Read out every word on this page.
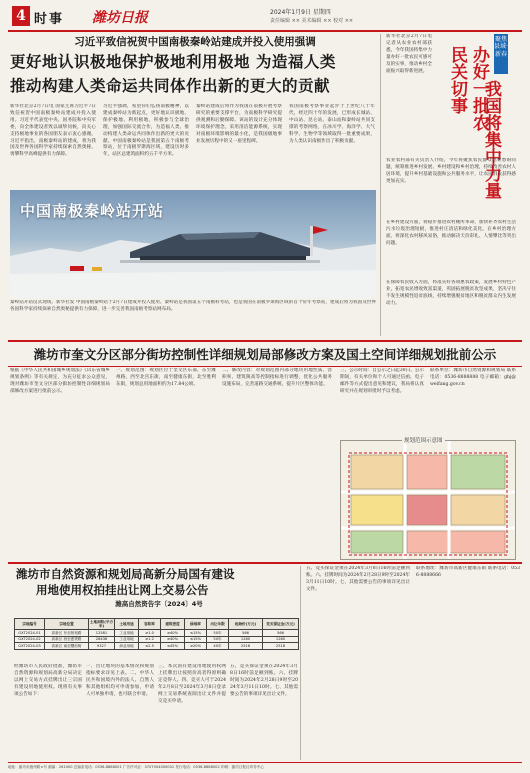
4 时事 潍坊日报	2024年1月9日 星期四
责任编辑 ×× 美术编辑 ×× 校对 ××
习近平致信祝贺中国南极秦岭站建成并投入使用强调
更好地认识极地保护极地利用极地 为造福人类
推动构建人类命运共同体作出新的更大的贡献
新华社北京2月7日电 国家主席习近平7日致信祝贺中国南极秦岭站建成并投入使用。习近平代表党中央、国务院和中央军委，向全体建设者致以诚挚问候，向关心支持极地事业的各国朋友表示衷心感谢。习近平指出，南极秦岭站的建成，将为我国及世界各国科学家持续探索自然奥秘、勇攀科学高峰提供有力保障。
习近平强调，希望你们弘扬南极精神，以建成秦岭站为新起点，更好地认识极地、保护极地、利用极地，积极参与全球治理，加强国际交流合作，为造福人类、推动构建人类命运共同体作出新的更大的贡献。中国南极秦岭站是我国第五个南极考察站，位于南极罗斯海区域，建设历时多年，站区总建筑面积约五千平方米。
秦岭站建成后将作为我国在南极开展考察研究的重要支撑平台，为南极科学研究提供观测和后勤保障。该站的设计充分体现环境保护理念，采用清洁能源系统，实现对南极环境影响的最小化，是我国极地事业发展历程中的又一座里程碑。
我国南极考察事业起步于上世纪八十年代，经过四十年的发展，已形成长城站、中山站、昆仑站、泰山站和秦岭站共同支撑的考察网络，在冰川学、海洋学、大气科学、生物学等领域取得一批重要成果，为人类认识南极作出了积极贡献。
中国南极秦岭站开站
秦岭站开站仪式现场。新华社发 中国南极秦岭站于2月7日建成并投入使用。秦岭站是我国第五个南极科考站，也是我国在南极罗斯海区域的首个常年考察站，建成后将为我国及世界各国科学家持续探索自然奥秘提供有力保障，进一步完善我国南极考察站网布局。
聚焦县域·新春
办好一批农民关切事 我国将集中力量
新华社北京2月7日电 记者从农业农村部获悉，今年我国将集中力量办好一批农民可感可及的实事，推动乡村全面振兴取得新进展。
农业农村部有关负责人介绍，今年将聚焦农民群众急难愁盼问题，统筹推进乡村发展、乡村建设和乡村治理，持续改善农村人居环境，提升乡村基础设施和公共服务水平，让农民群众获得感更加充实。
在乡村建设方面，将稳步推进农村厕所革命，加快补齐农村生活污水垃圾治理短板，推进村庄清洁和绿化美化。在乡村治理方面，将深化农村移风易俗，推动解决天价彩礼、人情攀比等突出问题。
在保障农民收入方面，将落实好各项惠农政策，发展乡村特色产业，拓宽农民增收致富渠道，巩固拓展脱贫攻坚成果，坚决守住不发生规模性返贫底线，持续增强脱贫地区和脱贫群众内生发展动力。
潍坊市奎文分区部分街坊控制性详细规划局部修改方案及国土空间详细规划批前公示
根据《中华人民共和国城乡规划法》《山东省城乡规划条例》等有关规定，为充分征求公众意见，现对潍坊市奎文分区部分街坊控制性详细规划局部修改方案进行批前公示。
一、规划范围：规划区位于奎文区东部，东至潍州路，西至北宫东街，南至健康东街，北至胜利东街，规划总用地面积约为17.84公顷。
二、修改内容：对规划范围内部分地块用地性质、容积率、建筑限高等控制指标进行调整，优化公共服务设施布局，完善道路交通系统，提升片区整体功能。
三、公示时间：自公示之日起30日。公示期间，有关单位和个人可通过信函、电子邮件等方式提出意见和建议，我局将认真研究并在规划审批时予以考虑。
联系单位：潍坊市自然资源和规划局 联系电话：0536-8888888 电子邮箱：ghj@weifang.gov.cn
规划范围示意图
潍坊市自然资源和规划局高新分局国有建设
用地使用权拍挂出让网上交易公告
潍高自然资告字〔2024〕4号
宗地编号	宗地位置	土地面积(平方米)	土地用途	容积率	建筑密度	绿地率	出让年限	起始价(万元)	竞买保证金(万元)
GXT2024-01	高新区 东至规划路	12581	工业用地	≥1.0	≥40%	≤15%	50年	566	566
GXT2024-02	高新区 西至惠贤路	28436	工业用地	≥1.2	≥40%	≤15%	50年	1280	1280
GXT2024-03	高新区 南至樱前街	9327	商业用地	≤2.5	≤45%	≥20%	40年	2518	2518
经潍坊市人民政府批准，潍坊市自然资源和规划局高新分局决定以网上交易方式挂牌出让三宗国有建设用地使用权。现将有关事项公告如下：
一、出让地块的基本情况和规划指标要求详见上表。二、中华人民共和国境内外的法人、自然人和其他组织均可申请参加，申请人可单独申请，也可联合申请。
三、本次国有建设用地使用权网上挂牌出让按照价高者得原则确定竞得人。四、竞买人可于2024年2月8日至2024年3月8日登录网上交易系统查阅出让文件并提交竞买申请。
五、竞买保证金须在2024年3月8日16时前足额到账。六、挂牌时间为2024年2月28日9时至2024年3月11日10时。七、其他需要公告的事项详见出让文件。
五、竞买保证金须在2024年3月8日16时前足额到账。六、挂牌时间为2024年2月28日9时至2024年3月11日10时。七、其他需要公告的事项详见出让文件。
联系地址：潍坊市高新区健康东街 联系电话：0536-8888666
地址：潍坊市潍州路×号 邮编：261000 总编室电话：0536-8888001 广告许可证：3707004000001 发行电话：0536-8888002 印刷：潍坊日报社印务中心
